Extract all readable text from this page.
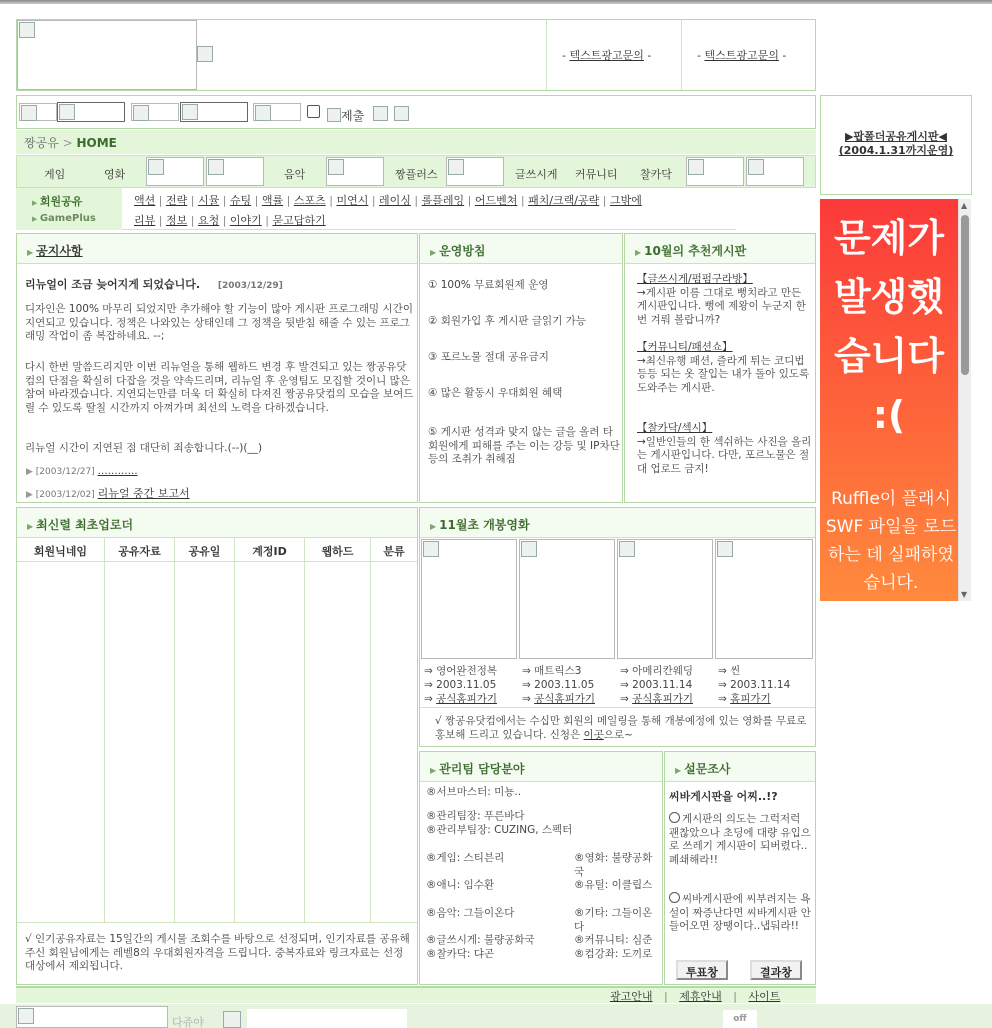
- 텍스트광고문의 -	- 텍스트광고문의 -
제출
▶팝폴더공유게시판◀
(2004.1.31까지운영)
짱공유 > HOME
게임	영화	음악	짱플러스	글쓰시게 커뮤니티 찰카닥
▶ 회원공유
▶ GamePlus
액션 | 전략 | 시뮬 | 슈팅 | 액률 | 스포츠 | 미연시 | 레이싱 | 롤플레잉 | 어드벤쳐 | 패치/크랙/공략 | 그밖에
리뷰 | 정보 | 요청 | 이야기 | 묻고답하기
▶ 공지사항
리뉴얼이 조금 늦어지게 되었습니다. [2003/12/29]
디자인은 100% 마무리 되었지만 추가해야 할 기능이 많아 게시판 프로그래밍 시간이 지연되고 있습니다. 정책은 나와있는 상태인데 그 정책을 뒷받침 해줄 수 있는 프로그래밍 작업이 좀 복잡하네요. --;
다시 한번 말씀드리지만 이번 리뉴얼을 통해 웹하드 변경 후 발견되고 있는 짱공유닷컴의 단점을 확실히 다잡을 것을 약속드리며, 리뉴얼 후 운영팀도 모집할 것이니 많은 참여 바라겠습니다. 지연되는만큼 더욱 더 확실히 다져진 짱공유닷컴의 모습을 보여드릴 수 있도록 딸칠 시간까지 아껴가며 최선의 노력을 다하겠습니다.
리뉴얼 시간이 지연된 점 대단히 죄송합니다.(--)(__)
▶ [2003/12/27] …………
▶ [2003/12/02] 리뉴얼 중간 보고서
▶ 운영방침
① 100% 무료회원제 운영
② 회원가입 후 게시판 글읽기 가능
③ 포르노물 절대 공유금지
④ 많은 활동시 우대회원 혜택
⑤ 게시판 성격과 맞지 않는 글을 올려 타 회원에게 피해를 주는 이는 강등 및 IP차단 등의 조취가 취해짐
▶ 10월의 추천게시판
【글쓰시게/펌펌구라방】
→게시판 이름 그대로 뻥치라고 만든 게시판입니다. 뻥에 제왕이 누군지 한 번 겨뤄 볼랍니까?
【커뮤니티/패션쇼】
→최신유행 패션, 즐라게 튀는 코디법 등등 되는 옷 잘입는 내가 돌아 있도록 도와주는 게시판.
【찰카닥/섹시】
→일반인들의 한 섹쉬하는 사진을 올리는 게시판입니다. 다만, 포르노물은 절대 업로드 금지!
▶ 최신렬 최초업로더
회원닉네임	공유자료	공유일	계정ID	웹하드	분류
√ 인기공유자료는 15일간의 게시물 조회수를 바탕으로 선정되며, 인기자료를 공유해주신 회원님에게는 레벨8의 우대회원자격을 드립니다. 중복자료와 링크자료는 선정 대상에서 제외됩니다.
▶ 11월초 개봉영화
⇒ 영어완전정복
⇒ 2003.11.05
⇒ 공식홈피가기
⇒ 매트릭스3
⇒ 2003.11.05
⇒ 공식홈피가기
⇒ 아메리칸웨딩
⇒ 2003.11.14
⇒ 공식홈피가기
⇒ 씬
⇒ 2003.11.14
⇒ 홈피가기
√ 짱공유닷컴에서는 수십만 회원의 메일링을 통해 개봉예정에 있는 영화를 무료로 홍보해 드리고 있습니다. 신청은 이곳으로~
▶ 관리팀 담당분야
®서브마스터: 미뇽..
®관리팀장: 푸른바다
®관리부팀장: CUZING, 스펙터
®게임: 스티븐리	®영화: 불량공화국
®애니: 임수환	®유틸: 이클립스
®음악: 그들이온다	®기타: 그들이온다
®글쓰시게: 불량공화국	®커뮤니티: 심준
®찰카닥: 댜곤	®컴강좌: 도끼로
▶ 설문조사
씨바게시판을 어찌..!?
게시판의 의도는 그럭저럭 괜찮았으나 초딩에 대량 유입으로 쓰레기 게시판이 되버렸다.. 폐쇄해라!!
씨바게시판에 씨부려지는 욕설이 짜증난다면 씨바게시판 안 들어오면 장땡이다..냅둬라!!
투표창	결과창
광고안내 | 제휴안내 | 사이트
다쥬야	off
문제가
발생했
습니다
:(
Ruffle이 플래시 SWF 파일을 로드하는 데 실패하였습니다.
▲
▼
